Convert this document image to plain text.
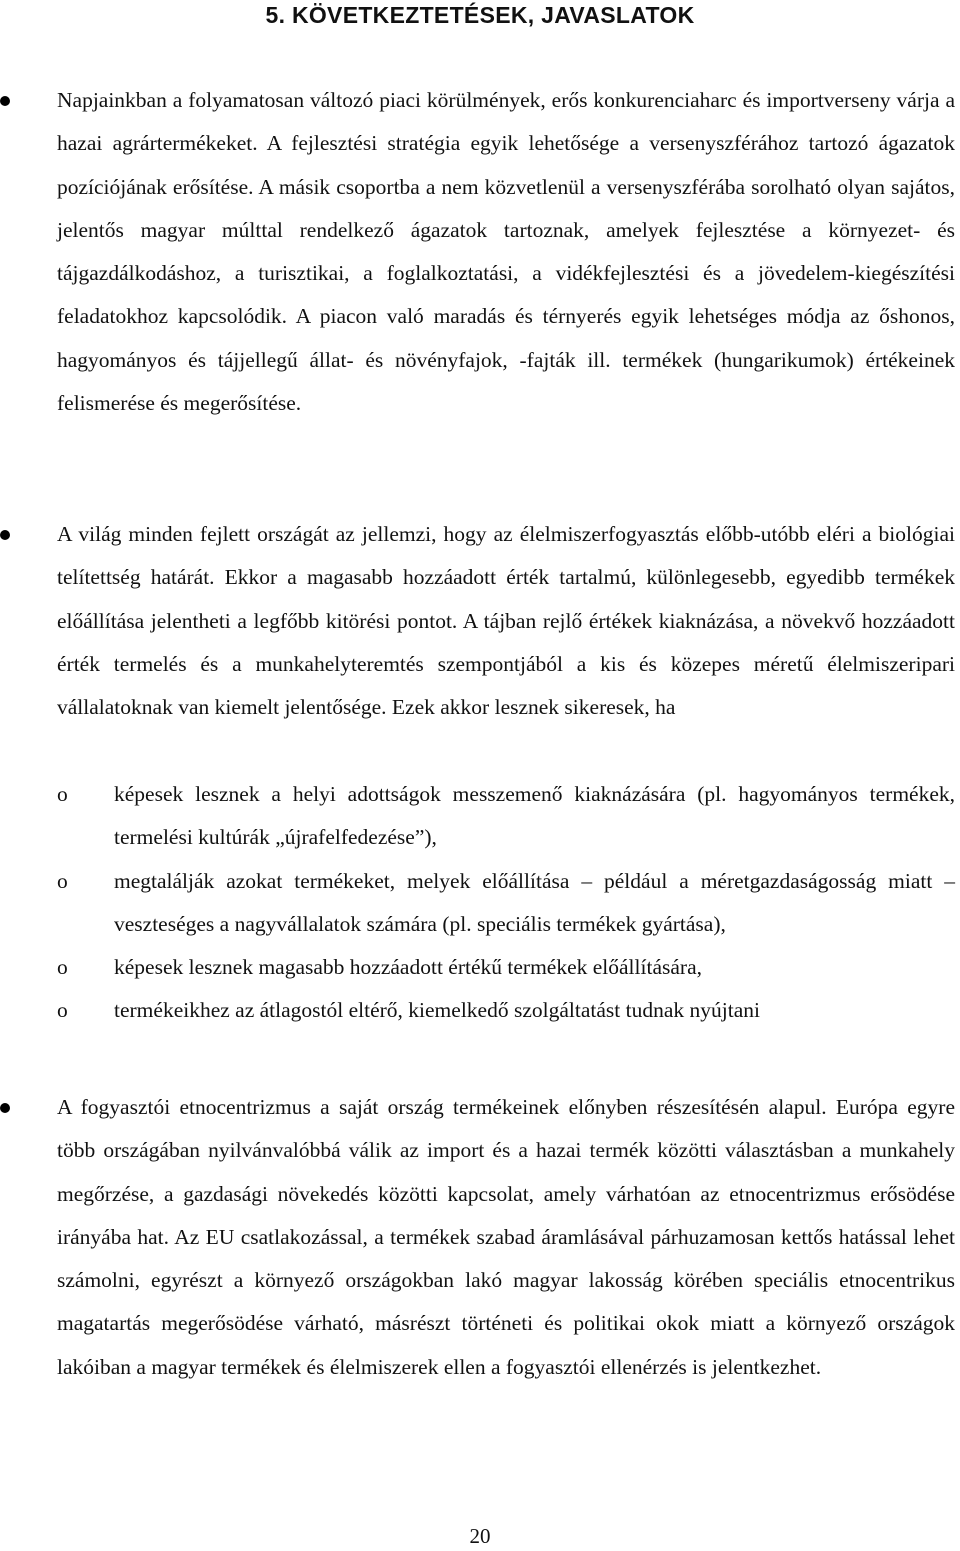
5. KÖVETKEZTETÉSEK, JAVASLATOK

Napjainkban a folyamatosan változó piaci körülmények, erős konkurenciaharc és importverseny várja a hazai agrártermékeket. A fejlesztési stratégia egyik lehetősége a versenyszférához tartozó ágazatok pozíciójának erősítése. A másik csoportba a nem közvetlenül a versenyszférába sorolható olyan sajátos, jelentős magyar múlttal rendelkező ágazatok tartoznak, amelyek fejlesztése a környezet- és tájgazdálkodáshoz, a turisztikai, a foglalkoztatási, a vidékfejlesztési és a jövedelem-kiegészítési feladatokhoz kapcsolódik. A piacon való maradás és térnyerés egyik lehetséges módja az őshonos, hagyományos és tájjellegű állat- és növényfajok, -fajták ill. termékek (hungarikumok) értékeinek felismerése és megerősítése.

A világ minden fejlett országát az jellemzi, hogy az élelmiszerfogyasztás előbb-utóbb eléri a biológiai telítettség határát. Ekkor a magasabb hozzáadott érték tartalmú, különlegesebb, egyedibb termékek előállítása jelentheti a legfőbb kitörési pontot. A tájban rejlő értékek kiaknázása, a növekvő hozzáadott érték termelés és a munkahelyteremtés szempontjából a kis és közepes méretű élelmiszeripari vállalatoknak van kiemelt jelentősége. Ezek akkor lesznek sikeresek, ha

o képesek lesznek a helyi adottságok messzemenő kiaknázására (pl. hagyományos termékek, termelési kultúrák „újrafelfedezése”),
o megtalálják azokat termékeket, melyek előállítása – például a méretgazdaságosság miatt – veszteséges a nagyvállalatok számára (pl. speciális termékek gyártása),
o képesek lesznek magasabb hozzáadott értékű termékek előállítására,
o termékeikhez az átlagostól eltérő, kiemelkedő szolgáltatást tudnak nyújtani

A fogyasztói etnocentrizmus a saját ország termékeinek előnyben részesítésén alapul. Európa egyre több országában nyilvánvalóbbá válik az import és a hazai termék közötti választásban a munkahely megőrzése, a gazdasági növekedés közötti kapcsolat, amely várhatóan az etnocentrizmus erősödése irányába hat. Az EU csatlakozással, a termékek szabad áramlásával párhuzamosan kettős hatással lehet számolni, egyrészt a környező országokban lakó magyar lakosság körében speciális etnocentrikus magatartás megerősödése várható, másrészt történeti és politikai okok miatt a környező országok lakóiban a magyar termékek és élelmiszerek ellen a fogyasztói ellenérzés is jelentkezhet.

20
